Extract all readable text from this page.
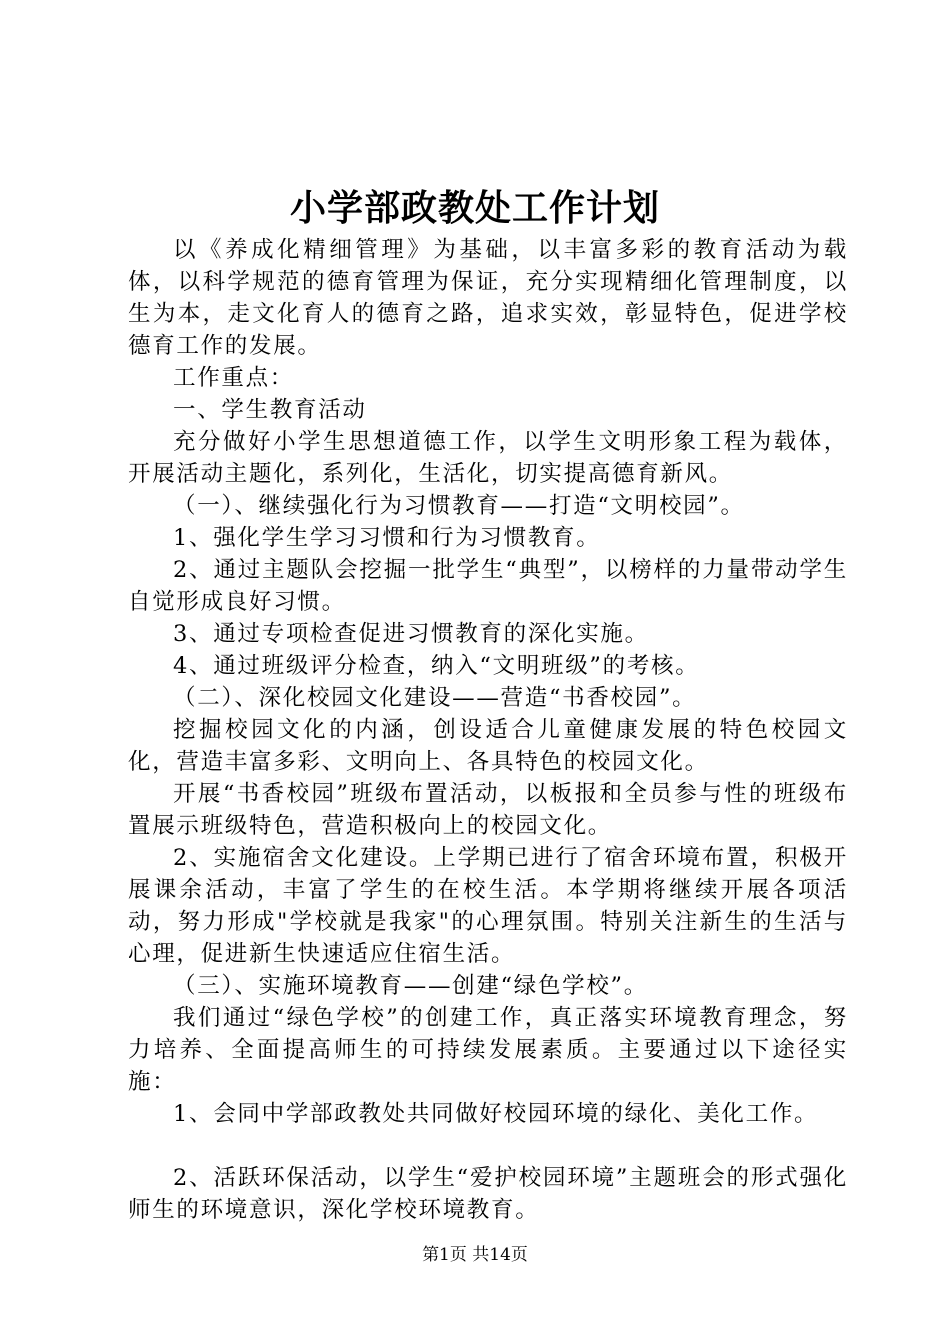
小学部政教处工作计划

以《养成化精细管理》为基础，以丰富多彩的教育活动为载体，以科学规范的德育管理为保证，充分实现精细化管理制度，以生为本，走文化育人的德育之路，追求实效，彰显特色，促进学校德育工作的发展。

工作重点：

一、学生教育活动

充分做好小学生思想道德工作，以学生文明形象工程为载体，开展活动主题化，系列化，生活化，切实提高德育新风。

（一）、继续强化行为习惯教育——打造“文明校园”。

1、强化学生学习习惯和行为习惯教育。

2、通过主题队会挖掘一批学生“典型”，以榜样的力量带动学生自觉形成良好习惯。

3、通过专项检查促进习惯教育的深化实施。

4、通过班级评分检查，纳入“文明班级”的考核。

（二）、深化校园文化建设——营造“书香校园”。

挖掘校园文化的内涵，创设适合儿童健康发展的特色校园文化，营造丰富多彩、文明向上、各具特色的校园文化。

开展“书香校园”班级布置活动，以板报和全员参与性的班级布置展示班级特色，营造积极向上的校园文化。

2、实施宿舍文化建设。上学期已进行了宿舍环境布置，积极开展课余活动，丰富了学生的在校生活。本学期将继续开展各项活动，努力形成"学校就是我家"的心理氛围。特别关注新生的生活与心理，促进新生快速适应住宿生活。

（三）、实施环境教育——创建“绿色学校”。

我们通过“绿色学校”的创建工作，真正落实环境教育理念，努力培养、全面提高师生的可持续发展素质。主要通过以下途径实施：

1、会同中学部政教处共同做好校园环境的绿化、美化工作。

2、活跃环保活动，以学生“爱护校园环境”主题班会的形式强化师生的环境意识，深化学校环境教育。

第1页 共14页
